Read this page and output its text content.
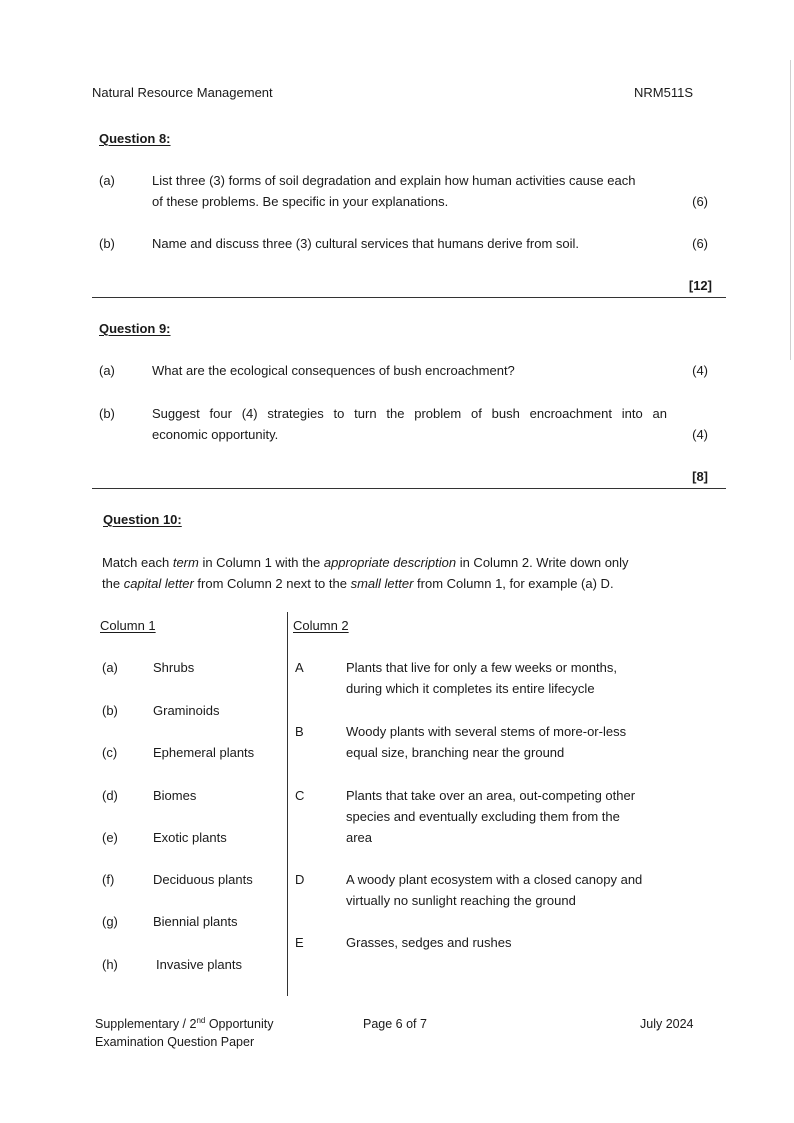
Natural Resource Management	NRM511S
Question 8:
(a)	List three (3) forms of soil degradation and explain how human activities cause each
of these problems. Be specific in your explanations.	(6)
(b)	Name and discuss three (3) cultural services that humans derive from soil.	(6)
[12]
Question 9:
(a)	What are the ecological consequences of bush encroachment?	(4)
(b)	Suggest four (4) strategies to turn the problem of bush encroachment into an
economic opportunity.	(4)
[8]
Question 10:
Match each term in Column 1 with the appropriate description in Column 2. Write down only
the capital letter from Column 2 next to the small letter from Column 1, for example (a) D.
Column 1	Column 2
(a)	Shrubs
(b)	Graminoids
(c)	Ephemeral plants
(d)	Biomes
(e)	Exotic plants
(f)	Deciduous plants
(g)	Biennial plants
(h)	Invasive plants
A	Plants that live for only a few weeks or months,
during which it completes its entire lifecycle
B	Woody plants with several stems of more-or-less
equal size, branching near the ground
C	Plants that take over an area, out-competing other
species and eventually excluding them from the
area
D	A woody plant ecosystem with a closed canopy and
virtually no sunlight reaching the ground
E	Grasses, sedges and rushes
Supplementary / 2nd Opportunity
Examination Question Paper
Page 6 of 7	July 2024
